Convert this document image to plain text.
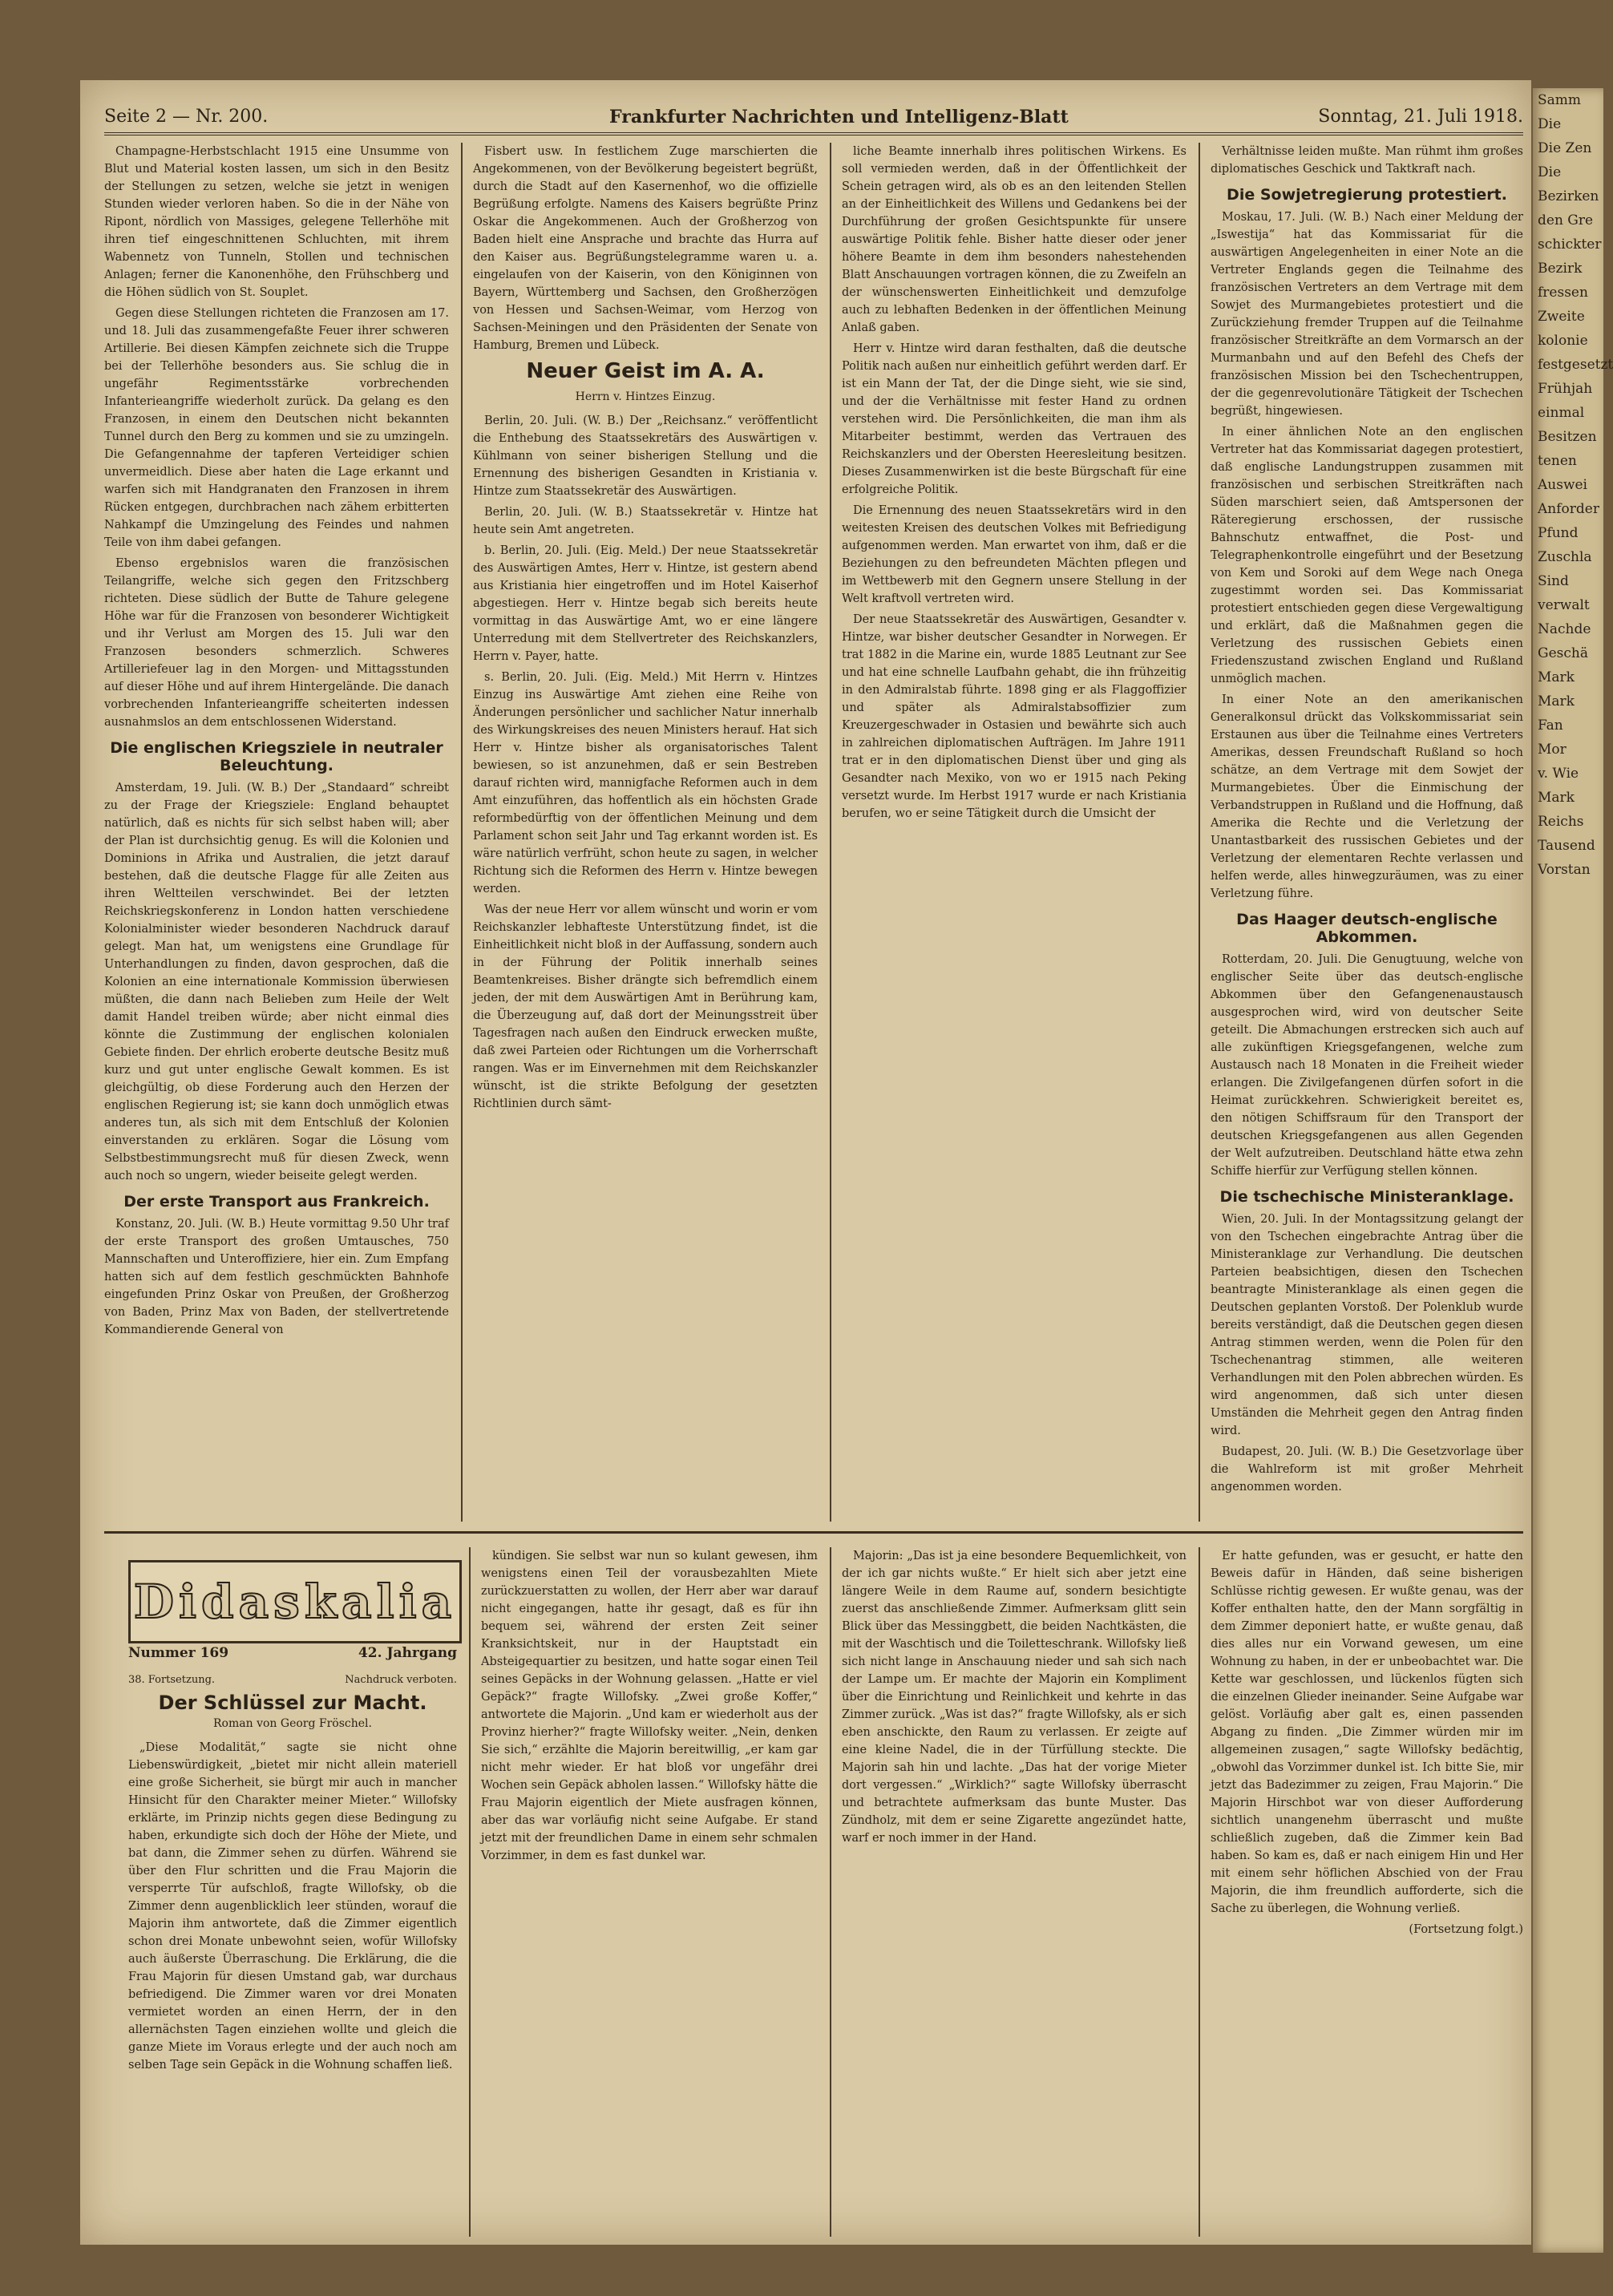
Samm

Die

Die Zen

Die

Bezirken

den Gre

schickter

Bezirk

fressen

Zweite

kolonie

festgesetzt

Frühjah

einmal

Besitzen

tenen

Auswei

Anforder

Pfund

Zuschla

Sind

verwalt

Nachde

Geschä

Mark

Mark

Fan

Mor

v. Wie

Mark

Reichs

Tausend

Vorstan

Seite 2 — Nr. 200.	Frankfurter Nachrichten und Intelligenz-Blatt	Sonntag, 21. Juli 1918.

Champagne-Herbstschlacht 1915 eine Unsumme von Blut und Material kosten lassen, um sich in den Besitz der Stellungen zu setzen, welche sie jetzt in wenigen Stunden wieder verloren haben. So die in der Nähe von Ripont, nördlich von Massiges, gelegene Tellerhöhe mit ihren tief eingeschnittenen Schluchten, mit ihrem Wabennetz von Tunneln, Stollen und technischen Anlagen; ferner die Kanonenhöhe, den Frühschberg und die Höhen südlich von St. Souplet.

Gegen diese Stellungen richteten die Franzosen am 17. und 18. Juli das zusammengefaßte Feuer ihrer schweren Artillerie. Bei diesen Kämpfen zeichnete sich die Truppe bei der Tellerhöhe besonders aus. Sie schlug die in ungefähr Regimentsstärke vorbrechenden Infanterieangriffe wiederholt zurück. Da gelang es den Franzosen, in einem den Deutschen nicht bekannten Tunnel durch den Berg zu kommen und sie zu umzingeln. Die Gefangennahme der tapferen Verteidiger schien unvermeidlich. Diese aber haten die Lage erkannt und warfen sich mit Handgranaten den Franzosen in ihrem Rücken entgegen, durchbrachen nach zähem erbitterten Nahkampf die Umzingelung des Feindes und nahmen Teile von ihm dabei gefangen.

Ebenso ergebnislos waren die französischen Teilangriffe, welche sich gegen den Fritzschberg richteten. Diese südlich der Butte de Tahure gelegene Höhe war für die Franzosen von besonderer Wichtigkeit und ihr Verlust am Morgen des 15. Juli war den Franzosen besonders schmerzlich. Schweres Artilleriefeuer lag in den Morgen- und Mittagsstunden auf dieser Höhe und auf ihrem Hintergelände. Die danach vorbrechenden Infanterieangriffe scheiterten indessen ausnahmslos an dem entschlossenen Widerstand.

Die englischen Kriegsziele in neutraler Beleuchtung.

Amsterdam, 19. Juli. (W. B.) Der „Standaard“ schreibt zu der Frage der Kriegsziele: England behauptet natürlich, daß es nichts für sich selbst haben will; aber der Plan ist durchsichtig genug. Es will die Kolonien und Dominions in Afrika und Australien, die jetzt darauf bestehen, daß die deutsche Flagge für alle Zeiten aus ihren Weltteilen verschwindet. Bei der letzten Reichskriegskonferenz in London hatten verschiedene Kolonialminister wieder besonderen Nachdruck darauf gelegt. Man hat, um wenigstens eine Grundlage für Unterhandlungen zu finden, davon gesprochen, daß die Kolonien an eine internationale Kommission überwiesen müßten, die dann nach Belieben zum Heile der Welt damit Handel treiben würde; aber nicht einmal dies könnte die Zustimmung der englischen kolonialen Gebiete finden. Der ehrlich eroberte deutsche Besitz muß kurz und gut unter englische Gewalt kommen. Es ist gleichgültig, ob diese Forderung auch den Herzen der englischen Regierung ist; sie kann doch unmöglich etwas anderes tun, als sich mit dem Entschluß der Kolonien einverstanden zu erklären. Sogar die Lösung vom Selbstbestimmungsrecht muß für diesen Zweck, wenn auch noch so ungern, wieder beiseite gelegt werden.

Der erste Transport aus Frankreich.

Konstanz, 20. Juli. (W. B.) Heute vormittag 9.50 Uhr traf der erste Transport des großen Umtausches, 750 Mannschaften und Unteroffiziere, hier ein. Zum Empfang hatten sich auf dem festlich geschmückten Bahnhofe eingefunden Prinz Oskar von Preußen, der Großherzog von Baden, Prinz Max von Baden, der stellvertretende Kommandierende General von

Fisbert usw. In festlichem Zuge marschierten die Angekommenen, von der Bevölkerung begeistert begrüßt, durch die Stadt auf den Kasernenhof, wo die offizielle Begrüßung erfolgte. Namens des Kaisers begrüßte Prinz Oskar die Angekommenen. Auch der Großherzog von Baden hielt eine Ansprache und brachte das Hurra auf den Kaiser aus. Begrüßungstelegramme waren u. a. eingelaufen von der Kaiserin, von den Königinnen von Bayern, Württemberg und Sachsen, den Großherzögen von Hessen und Sachsen-Weimar, vom Herzog von Sachsen-Meiningen und den Präsidenten der Senate von Hamburg, Bremen und Lübeck.

Neuer Geist im A. A.
Herrn v. Hintzes Einzug.

Berlin, 20. Juli. (W. B.) Der „Reichsanz.“ veröffentlicht die Enthebung des Staatssekretärs des Auswärtigen v. Kühlmann von seiner bisherigen Stellung und die Ernennung des bisherigen Gesandten in Kristiania v. Hintze zum Staatssekretär des Auswärtigen.

Berlin, 20. Juli. (W. B.) Staatssekretär v. Hintze hat heute sein Amt angetreten.

b. Berlin, 20. Juli. (Eig. Meld.) Der neue Staatssekretär des Auswärtigen Amtes, Herr v. Hintze, ist gestern abend aus Kristiania hier eingetroffen und im Hotel Kaiserhof abgestiegen. Herr v. Hintze begab sich bereits heute vormittag in das Auswärtige Amt, wo er eine längere Unterredung mit dem Stellvertreter des Reichskanzlers, Herrn v. Payer, hatte.

s. Berlin, 20. Juli. (Eig. Meld.) Mit Herrn v. Hintzes Einzug ins Auswärtige Amt ziehen eine Reihe von Änderungen persönlicher und sachlicher Natur innerhalb des Wirkungskreises des neuen Ministers herauf. Hat sich Herr v. Hintze bisher als organisatorisches Talent bewiesen, so ist anzunehmen, daß er sein Bestreben darauf richten wird, mannigfache Reformen auch in dem Amt einzuführen, das hoffentlich als ein höchsten Grade reformbedürftig von der öffentlichen Meinung und dem Parlament schon seit Jahr und Tag erkannt worden ist. Es wäre natürlich verfrüht, schon heute zu sagen, in welcher Richtung sich die Reformen des Herrn v. Hintze bewegen werden.

Was der neue Herr vor allem wünscht und worin er vom Reichskanzler lebhafteste Unterstützung findet, ist die Einheitlichkeit nicht bloß in der Auffassung, sondern auch in der Führung der Politik innerhalb seines Beamtenkreises. Bisher drängte sich befremdlich einem jeden, der mit dem Auswärtigen Amt in Berührung kam, die Überzeugung auf, daß dort der Meinungsstreit über Tagesfragen nach außen den Eindruck erwecken mußte, daß zwei Parteien oder Richtungen um die Vorherrschaft rangen. Was er im Einvernehmen mit dem Reichskanzler wünscht, ist die strikte Befolgung der gesetzten Richtlinien durch sämt-

liche Beamte innerhalb ihres politischen Wirkens. Es soll vermieden werden, daß in der Öffentlichkeit der Schein getragen wird, als ob es an den leitenden Stellen an der Einheitlichkeit des Willens und Gedankens bei der Durchführung der großen Gesichtspunkte für unsere auswärtige Politik fehle. Bisher hatte dieser oder jener höhere Beamte in dem ihm besonders nahestehenden Blatt Anschauungen vortragen können, die zu Zweifeln an der wünschenswerten Einheitlichkeit und demzufolge auch zu lebhaften Bedenken in der öffentlichen Meinung Anlaß gaben.

Herr v. Hintze wird daran festhalten, daß die deutsche Politik nach außen nur einheitlich geführt werden darf. Er ist ein Mann der Tat, der die Dinge sieht, wie sie sind, und der die Verhältnisse mit fester Hand zu ordnen verstehen wird. Die Persönlichkeiten, die man ihm als Mitarbeiter bestimmt, werden das Vertrauen des Reichskanzlers und der Obersten Heeresleitung besitzen. Dieses Zusammenwirken ist die beste Bürgschaft für eine erfolgreiche Politik.

Die Ernennung des neuen Staatssekretärs wird in den weitesten Kreisen des deutschen Volkes mit Befriedigung aufgenommen werden. Man erwartet von ihm, daß er die Beziehungen zu den befreundeten Mächten pflegen und im Wettbewerb mit den Gegnern unsere Stellung in der Welt kraftvoll vertreten wird.

Der neue Staatssekretär des Auswärtigen, Gesandter v. Hintze, war bisher deutscher Gesandter in Norwegen. Er trat 1882 in die Marine ein, wurde 1885 Leutnant zur See und hat eine schnelle Laufbahn gehabt, die ihn frühzeitig in den Admiralstab führte. 1898 ging er als Flaggoffizier und später als Admiralstabsoffizier zum Kreuzergeschwader in Ostasien und bewährte sich auch in zahlreichen diplomatischen Aufträgen. Im Jahre 1911 trat er in den diplomatischen Dienst über und ging als Gesandter nach Mexiko, von wo er 1915 nach Peking versetzt wurde. Im Herbst 1917 wurde er nach Kristiania berufen, wo er seine Tätigkeit durch die Umsicht der

Verhältnisse leiden mußte. Man rühmt ihm großes diplomatisches Geschick und Taktkraft nach.

Die Sowjetregierung protestiert.

Moskau, 17. Juli. (W. B.) Nach einer Meldung der „Iswestija“ hat das Kommissariat für die auswärtigen Angelegenheiten in einer Note an die Vertreter Englands gegen die Teilnahme des französischen Vertreters an dem Vertrage mit dem Sowjet des Murmangebietes protestiert und die Zurückziehung fremder Truppen auf die Teilnahme französischer Streitkräfte an dem Vormarsch an der Murmanbahn und auf den Befehl des Chefs der französischen Mission bei den Tschechentruppen, der die gegenrevolutionäre Tätigkeit der Tschechen begrüßt, hingewiesen.

In einer ähnlichen Note an den englischen Vertreter hat das Kommissariat dagegen protestiert, daß englische Landungstruppen zusammen mit französischen und serbischen Streitkräften nach Süden marschiert seien, daß Amtspersonen der Räteregierung erschossen, der russische Bahnschutz entwaffnet, die Post- und Telegraphenkontrolle eingeführt und der Besetzung von Kem und Soroki auf dem Wege nach Onega zugestimmt worden sei. Das Kommissariat protestiert entschieden gegen diese Vergewaltigung und erklärt, daß die Maßnahmen gegen die Verletzung des russischen Gebiets einen Friedenszustand zwischen England und Rußland unmöglich machen.

In einer Note an den amerikanischen Generalkonsul drückt das Volkskommissariat sein Erstaunen aus über die Teilnahme eines Vertreters Amerikas, dessen Freundschaft Rußland so hoch schätze, an dem Vertrage mit dem Sowjet der Murmangebietes. Über die Einmischung der Verbandstruppen in Rußland und die Hoffnung, daß Amerika die Rechte und die Verletzung der Unantastbarkeit des russischen Gebietes und der Verletzung der elementaren Rechte verlassen und helfen werde, alles hinwegzuräumen, was zu einer Verletzung führe.

Das Haager deutsch-englische Abkommen.

Rotterdam, 20. Juli. Die Genugtuung, welche von englischer Seite über das deutsch-englische Abkommen über den Gefangenenaustausch ausgesprochen wird, wird von deutscher Seite geteilt. Die Abmachungen erstrecken sich auch auf alle zukünftigen Kriegsgefangenen, welche zum Austausch nach 18 Monaten in die Freiheit wieder erlangen. Die Zivilgefangenen dürfen sofort in die Heimat zurückkehren. Schwierigkeit bereitet es, den nötigen Schiffsraum für den Transport der deutschen Kriegsgefangenen aus allen Gegenden der Welt aufzutreiben. Deutschland hätte etwa zehn Schiffe hierfür zur Verfügung stellen können.

Die tschechische Ministeranklage.

Wien, 20. Juli. In der Montagssitzung gelangt der von den Tschechen eingebrachte Antrag über die Ministeranklage zur Verhandlung. Die deutschen Parteien beabsichtigen, diesen den Tschechen beantragte Ministeranklage als einen gegen die Deutschen geplanten Vorstoß. Der Polenklub wurde bereits verständigt, daß die Deutschen gegen diesen Antrag stimmen werden, wenn die Polen für den Tschechenantrag stimmen, alle weiteren Verhandlungen mit den Polen abbrechen würden. Es wird angenommen, daß sich unter diesen Umständen die Mehrheit gegen den Antrag finden wird.

Budapest, 20. Juli. (W. B.) Die Gesetzvorlage über die Wahlreform ist mit großer Mehrheit angenommen worden.

Didaskalia
Nummer 169	42. Jahrgang
38. Fortsetzung.	Nachdruck verboten.
Der Schlüssel zur Macht.
Roman von Georg Fröschel.

„Diese Modalität,“ sagte sie nicht ohne Liebenswürdigkeit, „bietet mir nicht allein materiell eine große Sicherheit, sie bürgt mir auch in mancher Hinsicht für den Charakter meiner Mieter.“ Willofsky erklärte, im Prinzip nichts gegen diese Bedingung zu haben, erkundigte sich doch der Höhe der Miete, und bat dann, die Zimmer sehen zu dürfen. Während sie über den Flur schritten und die Frau Majorin die versperrte Tür aufschloß, fragte Willofsky, ob die Zimmer denn augenblicklich leer stünden, worauf die Majorin ihm antwortete, daß die Zimmer eigentlich schon drei Monate unbewohnt seien, wofür Willofsky auch äußerste Überraschung. Die Erklärung, die die Frau Majorin für diesen Umstand gab, war durchaus befriedigend. Die Zimmer waren vor drei Monaten vermietet worden an einen Herrn, der in den allernächsten Tagen einziehen wollte und gleich die ganze Miete im Voraus erlegte und der auch noch am selben Tage sein Gepäck in die Wohnung schaffen ließ.

kündigen. Sie selbst war nun so kulant gewesen, ihm wenigstens einen Teil der vorausbezahlten Miete zurückzuerstatten zu wollen, der Herr aber war darauf nicht eingegangen, hatte ihr gesagt, daß es für ihn bequem sei, während der ersten Zeit seiner Kranksichtskeit, nur in der Hauptstadt ein Absteigequartier zu besitzen, und hatte sogar einen Teil seines Gepäcks in der Wohnung gelassen. „Hatte er viel Gepäck?“ fragte Willofsky. „Zwei große Koffer,“ antwortete die Majorin. „Und kam er wiederholt aus der Provinz hierher?“ fragte Willofsky weiter. „Nein, denken Sie sich,“ erzählte die Majorin bereitwillig, „er kam gar nicht mehr wieder. Er hat bloß vor ungefähr drei Wochen sein Gepäck abholen lassen.“ Willofsky hätte die Frau Majorin eigentlich der Miete ausfragen können, aber das war vorläufig nicht seine Aufgabe. Er stand jetzt mit der freundlichen Dame in einem sehr schmalen Vorzimmer, in dem es fast dunkel war.

Majorin: „Das ist ja eine besondere Bequemlichkeit, von der ich gar nichts wußte.“ Er hielt sich aber jetzt eine längere Weile in dem Raume auf, sondern besichtigte zuerst das anschließende Zimmer. Aufmerksam glitt sein Blick über das Messinggbett, die beiden Nachtkästen, die mit der Waschtisch und die Toiletteschrank. Willofsky ließ sich nicht lange in Anschauung nieder und sah sich nach der Lampe um. Er machte der Majorin ein Kompliment über die Einrichtung und Reinlichkeit und kehrte in das Zimmer zurück. „Was ist das?“ fragte Willofsky, als er sich eben anschickte, den Raum zu verlassen. Er zeigte auf eine kleine Nadel, die in der Türfüllung steckte. Die Majorin sah hin und lachte. „Das hat der vorige Mieter dort vergessen.“ „Wirklich?“ sagte Willofsky überrascht und betrachtete aufmerksam das bunte Muster. Das Zündholz, mit dem er seine Zigarette angezündet hatte, warf er noch immer in der Hand.

Er hatte gefunden, was er gesucht, er hatte den Beweis dafür in Händen, daß seine bisherigen Schlüsse richtig gewesen. Er wußte genau, was der Koffer enthalten hatte, den der Mann sorgfältig in dem Zimmer deponiert hatte, er wußte genau, daß dies alles nur ein Vorwand gewesen, um eine Wohnung zu haben, in der er unbeobachtet war. Die Kette war geschlossen, und lückenlos fügten sich die einzelnen Glieder ineinander. Seine Aufgabe war gelöst. Vorläufig aber galt es, einen passenden Abgang zu finden. „Die Zimmer würden mir im allgemeinen zusagen,“ sagte Willofsky bedächtig, „obwohl das Vorzimmer dunkel ist. Ich bitte Sie, mir jetzt das Badezimmer zu zeigen, Frau Majorin.“ Die Majorin Hirschbot war von dieser Aufforderung sichtlich unangenehm überrascht und mußte schließlich zugeben, daß die Zimmer kein Bad haben. So kam es, daß er nach einigem Hin und Her mit einem sehr höflichen Abschied von der Frau Majorin, die ihm freundlich aufforderte, sich die Sache zu überlegen, die Wohnung verließ.

(Fortsetzung folgt.)
